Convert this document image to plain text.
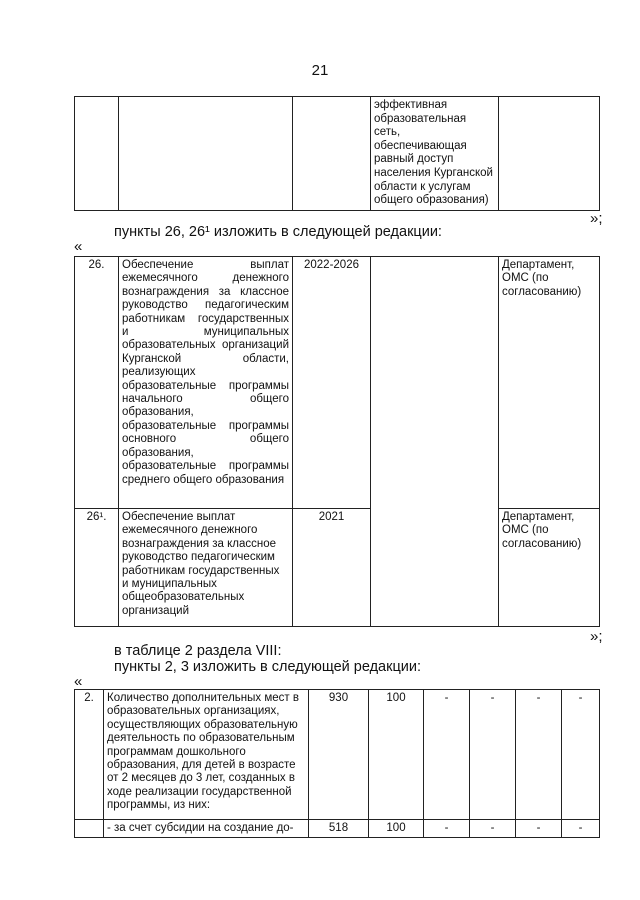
21

эффективная
образовательная
сеть,
обеспечивающая
равный доступ
населения Курганской
области к услугам
общего образования)

»;
пункты 26, 26¹ изложить в следующей редакции:
«
26.	Обеспечение выплат ежемесячного денежного вознаграждения за классное руководство педагогическим работникам государственных и муниципальных образовательных организаций Курганской области, реализующих образовательные программы начального общего образования, образовательные программы основного общего образования, образовательные программы среднего общего образования	2022-2026		Департамент, ОМС (по согласованию)
26¹.	Обеспечение выплат ежемесячного денежного вознаграждения за классное руководство педагогическим работникам государственных и муниципальных общеобразовательных организаций	2021		Департамент, ОМС (по согласованию)
»;
в таблице 2 раздела VIII:
пункты 2, 3 изложить в следующей редакции:
«
2.	Количество дополнительных мест в образовательных организациях, осуществляющих образовательную деятельность по образовательным программам дошкольного образования, для детей в возрасте от 2 месяцев до 3 лет, созданных в ходе реализации государственной программы, из них:	930	100	-	-	-	-
	- за счет субсидии на создание до-	518	100	-	-	-	-
